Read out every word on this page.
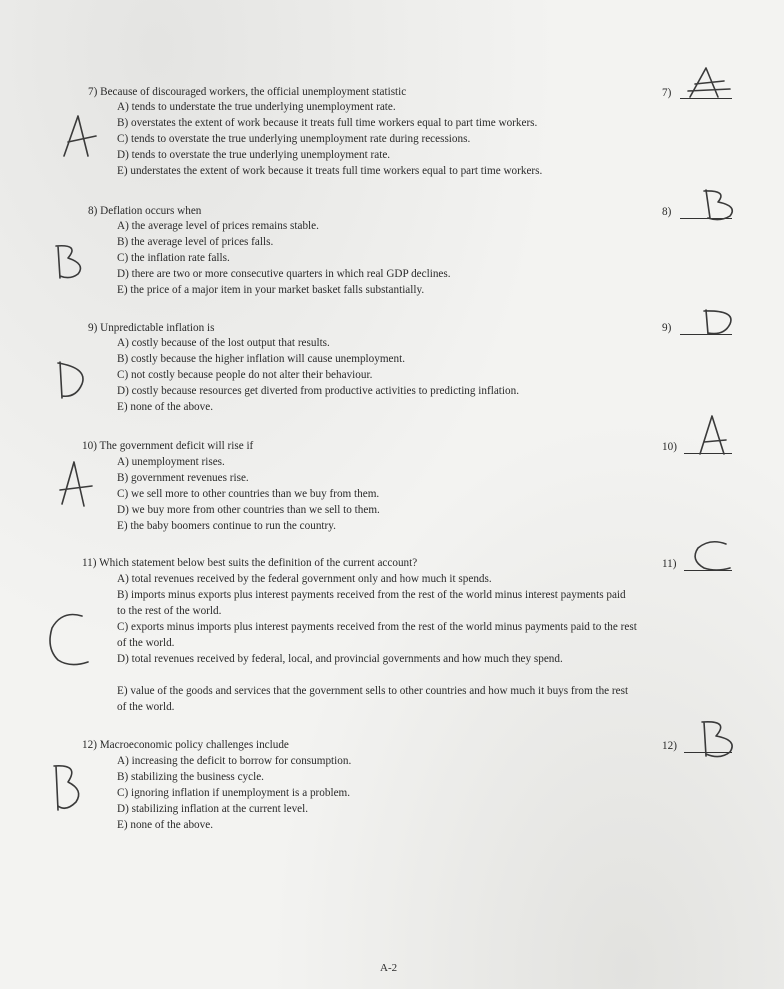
7) Because of discouraged workers, the official unemployment statistic
A) tends to understate the true underlying unemployment rate.
B) overstates the extent of work because it treats full time workers equal to part time workers.
C) tends to overstate the true underlying unemployment rate during recessions.
D) tends to overstate the true underlying unemployment rate.
E) understates the extent of work because it treats full time workers equal to part time workers.
7)
8) Deflation occurs when
A) the average level of prices remains stable.
B) the average level of prices falls.
C) the inflation rate falls.
D) there are two or more consecutive quarters in which real GDP declines.
E) the price of a major item in your market basket falls substantially.
8)
9) Unpredictable inflation is
A) costly because of the lost output that results.
B) costly because the higher inflation will cause unemployment.
C) not costly because people do not alter their behaviour.
D) costly because resources get diverted from productive activities to predicting inflation.
E) none of the above.
9)
10) The government deficit will rise if
A) unemployment rises.
B) government revenues rise.
C) we sell more to other countries than we buy from them.
D) we buy more from other countries than we sell to them.
E) the baby boomers continue to run the country.
10)
11) Which statement below best suits the definition of the current account?
A) total revenues received by the federal government only and how much it spends.
B) imports minus exports plus interest payments received from the rest of the world minus interest payments paid to the rest of the world.
C) exports minus imports plus interest payments received from the rest of the world minus payments paid to the rest of the world.
D) total revenues received by federal, local, and provincial governments and how much they spend.
E) value of the goods and services that the government sells to other countries and how much it buys from the rest of the world.
11)
12) Macroeconomic policy challenges include
A) increasing the deficit to borrow for consumption.
B) stabilizing the business cycle.
C) ignoring inflation if unemployment is a problem.
D) stabilizing inflation at the current level.
E) none of the above.
12)
A-2
